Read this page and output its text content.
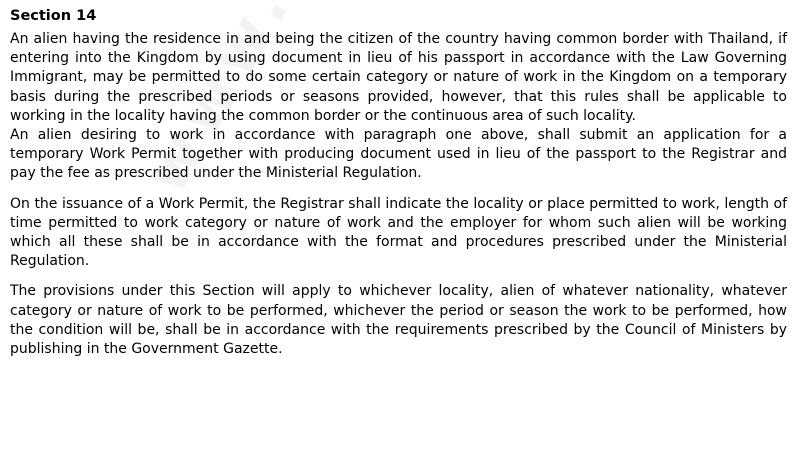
Section 14
An alien having the residence in and being the citizen of the country having common border with Thailand, if entering into the Kingdom by using document in lieu of his passport in accordance with the Law Governing Immigrant, may be permitted to do some certain category or nature of work in the Kingdom on a temporary basis during the prescribed periods or seasons provided, however, that this rules shall be applicable to working in the locality having the common border or the continuous area of such locality.
An alien desiring to work in accordance with paragraph one above, shall submit an application for a temporary Work Permit together with producing document used in lieu of the passport to the Registrar and pay the fee as prescribed under the Ministerial Regulation.
On the issuance of a Work Permit, the Registrar shall indicate the locality or place permitted to work, length of time permitted to work category or nature of work and the employer for whom such alien will be working which all these shall be in accordance with the format and procedures prescribed under the Ministerial Regulation.
The provisions under this Section will apply to whichever locality, alien of whatever nationality, whatever category or nature of work to be performed, whichever the period or season the work to be performed, how the condition will be, shall be in accordance with the requirements prescribed by the Council of Ministers by publishing in the Government Gazette.
